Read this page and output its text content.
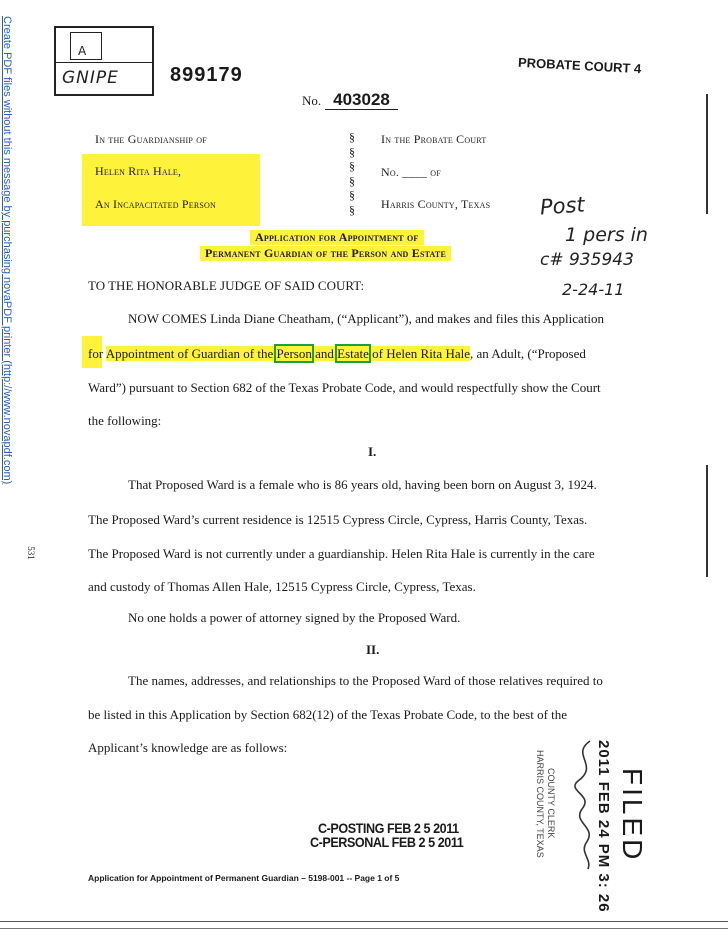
Create PDF files without this message by purchasing novaPDF printer (http://www.novapdf.com)	A
GNIPE	899179	PROBATE COURT 4
No. 403028
In the Guardianship of
Helen Rita Hale,
An Incapacitated Person
§
§
§
§
§
§
In the Probate Court
No. ____ of
Harris County, Texas Post
1 pers in
c# 935943
2-24-11
Application for Appointment of
Permanent Guardian of the Person and Estate
TO THE HONORABLE JUDGE OF SAID COURT:
NOW COMES Linda Diane Cheatham, (“Applicant”), and makes and files this Application
for Appointment of Guardian of the Person and Estate of Helen Rita Hale, an Adult, (“Proposed
Ward”) pursuant to Section 682 of the Texas Probate Code, and would respectfully show the Court
the following:
I.
That Proposed Ward is a female who is 86 years old, having been born on August 3, 1924.
The Proposed Ward’s current residence is 12515 Cypress Circle, Cypress, Harris County, Texas.
The Proposed Ward is not currently under a guardianship. Helen Rita Hale is currently in the care
and custody of Thomas Allen Hale, 12515 Cypress Circle, Cypress, Texas.
No one holds a power of attorney signed by the Proposed Ward.
II.
The names, addresses, and relationships to the Proposed Ward of those relatives required to
be listed in this Application by Section 682(12) of the Texas Probate Code, to the best of the
Applicant’s knowledge are as follows:
FILED
2011 FEB 24 PM 3: 26
COUNTY CLERK
HARRIS COUNTY, TEXAS
C-POSTING FEB 2 5 2011
C-PERSONAL FEB 2 5 2011
Application for Appointment of Permanent Guardian – 5198-001 -- Page 1 of 5
531
